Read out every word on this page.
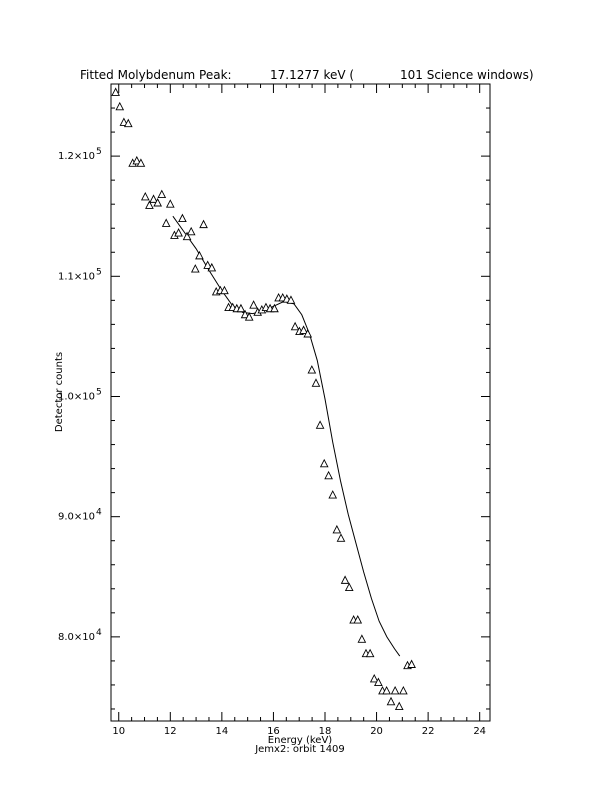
Fitted Molybdenum Peak:	17.1277 keV (	101 Science windows)
10	12	14	16	18	20	22	24
8.0×10 4
9.0×10 4
1.0×10 5
1.1×10 5
1.2×10 5
Energy (keV)
Jemx2: orbit 1409
Detector counts
